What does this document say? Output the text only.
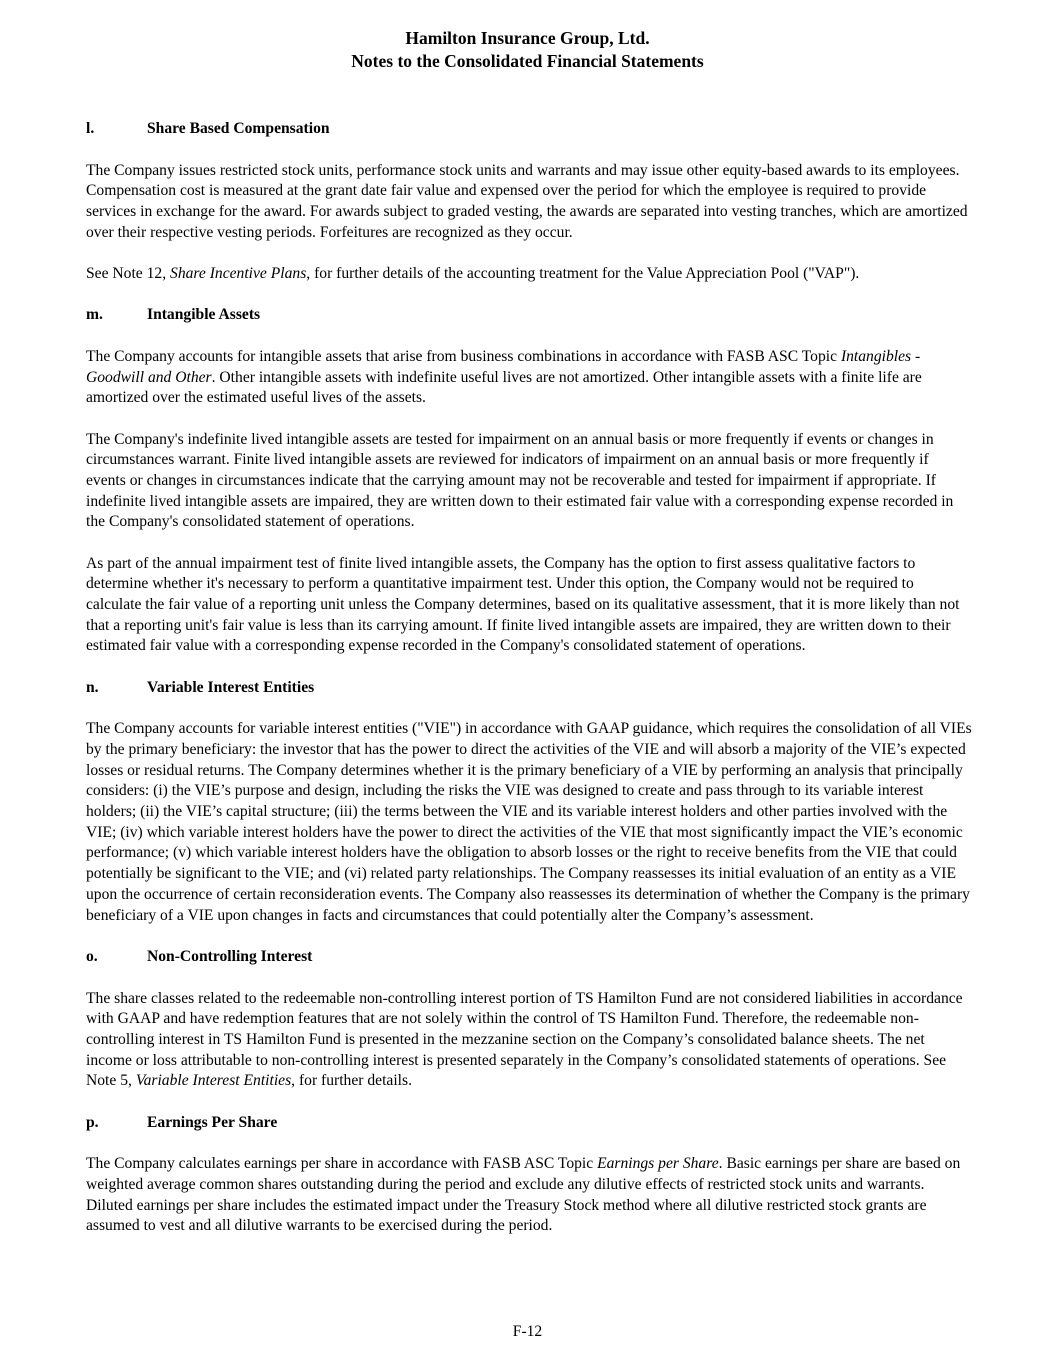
Hamilton Insurance Group, Ltd.
Notes to the Consolidated Financial Statements
l.	Share Based Compensation
The Company issues restricted stock units, performance stock units and warrants and may issue other equity-based awards to its employees. Compensation cost is measured at the grant date fair value and expensed over the period for which the employee is required to provide services in exchange for the award. For awards subject to graded vesting, the awards are separated into vesting tranches, which are amortized over their respective vesting periods. Forfeitures are recognized as they occur.
See Note 12, Share Incentive Plans, for further details of the accounting treatment for the Value Appreciation Pool ("VAP").
m.	Intangible Assets
The Company accounts for intangible assets that arise from business combinations in accordance with FASB ASC Topic Intangibles - Goodwill and Other. Other intangible assets with indefinite useful lives are not amortized. Other intangible assets with a finite life are amortized over the estimated useful lives of the assets.
The Company's indefinite lived intangible assets are tested for impairment on an annual basis or more frequently if events or changes in circumstances warrant. Finite lived intangible assets are reviewed for indicators of impairment on an annual basis or more frequently if events or changes in circumstances indicate that the carrying amount may not be recoverable and tested for impairment if appropriate. If indefinite lived intangible assets are impaired, they are written down to their estimated fair value with a corresponding expense recorded in the Company's consolidated statement of operations.
As part of the annual impairment test of finite lived intangible assets, the Company has the option to first assess qualitative factors to determine whether it's necessary to perform a quantitative impairment test. Under this option, the Company would not be required to calculate the fair value of a reporting unit unless the Company determines, based on its qualitative assessment, that it is more likely than not that a reporting unit's fair value is less than its carrying amount. If finite lived intangible assets are impaired, they are written down to their estimated fair value with a corresponding expense recorded in the Company's consolidated statement of operations.
n.	Variable Interest Entities
The Company accounts for variable interest entities ("VIE") in accordance with GAAP guidance, which requires the consolidation of all VIEs by the primary beneficiary: the investor that has the power to direct the activities of the VIE and will absorb a majority of the VIE’s expected losses or residual returns. The Company determines whether it is the primary beneficiary of a VIE by performing an analysis that principally considers: (i) the VIE’s purpose and design, including the risks the VIE was designed to create and pass through to its variable interest holders; (ii) the VIE’s capital structure; (iii) the terms between the VIE and its variable interest holders and other parties involved with the VIE; (iv) which variable interest holders have the power to direct the activities of the VIE that most significantly impact the VIE’s economic performance; (v) which variable interest holders have the obligation to absorb losses or the right to receive benefits from the VIE that could potentially be significant to the VIE; and (vi) related party relationships. The Company reassesses its initial evaluation of an entity as a VIE upon the occurrence of certain reconsideration events. The Company also reassesses its determination of whether the Company is the primary beneficiary of a VIE upon changes in facts and circumstances that could potentially alter the Company’s assessment.
o.	Non-Controlling Interest
The share classes related to the redeemable non-controlling interest portion of TS Hamilton Fund are not considered liabilities in accordance with GAAP and have redemption features that are not solely within the control of TS Hamilton Fund. Therefore, the redeemable non-controlling interest in TS Hamilton Fund is presented in the mezzanine section on the Company’s consolidated balance sheets. The net income or loss attributable to non-controlling interest is presented separately in the Company’s consolidated statements of operations. See Note 5, Variable Interest Entities, for further details.
p.	Earnings Per Share
The Company calculates earnings per share in accordance with FASB ASC Topic Earnings per Share. Basic earnings per share are based on weighted average common shares outstanding during the period and exclude any dilutive effects of restricted stock units and warrants. Diluted earnings per share includes the estimated impact under the Treasury Stock method where all dilutive restricted stock grants are assumed to vest and all dilutive warrants to be exercised during the period.
F-12
